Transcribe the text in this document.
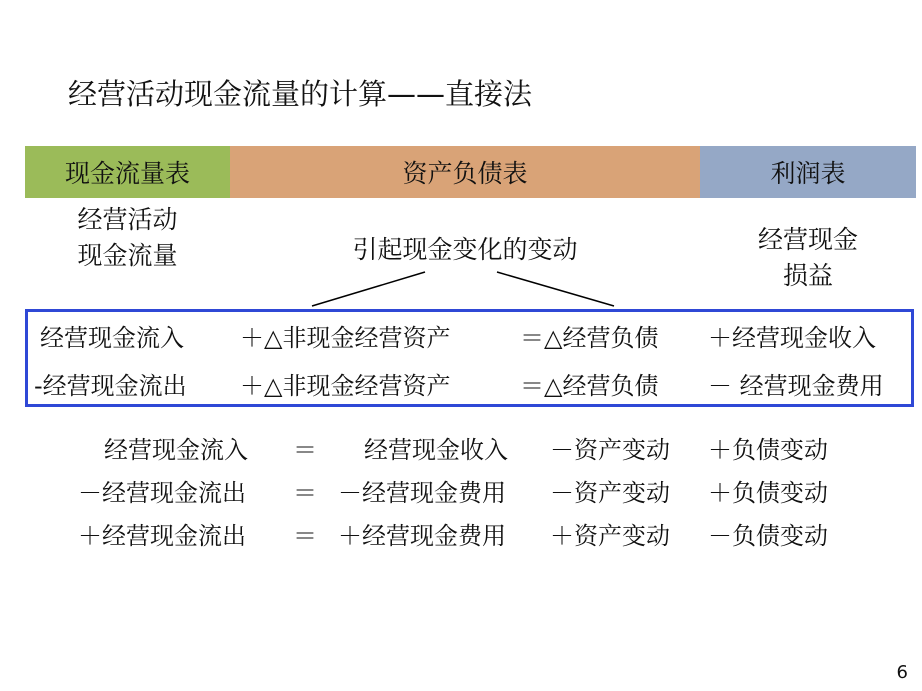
经营活动现金流量的计算——直接法
现金流量表	资产负债表	利润表
经营活动
现金流量	引起现金变化的变动	经营现金
损益
经营现金流入 ＋△非现金经营资产	＝△经营负债 ＋经营现金收入
-经营现金流出 ＋△非现金经营资产	＝△经营负债 － 经营现金费用
经营现金流入 ＝ 经营现金收入 －资产变动 ＋负债变动
－经营现金流出 ＝ －经营现金费用 －资产变动 ＋负债变动
＋经营现金流出 ＝ ＋经营现金费用 ＋资产变动 －负债变动
6
